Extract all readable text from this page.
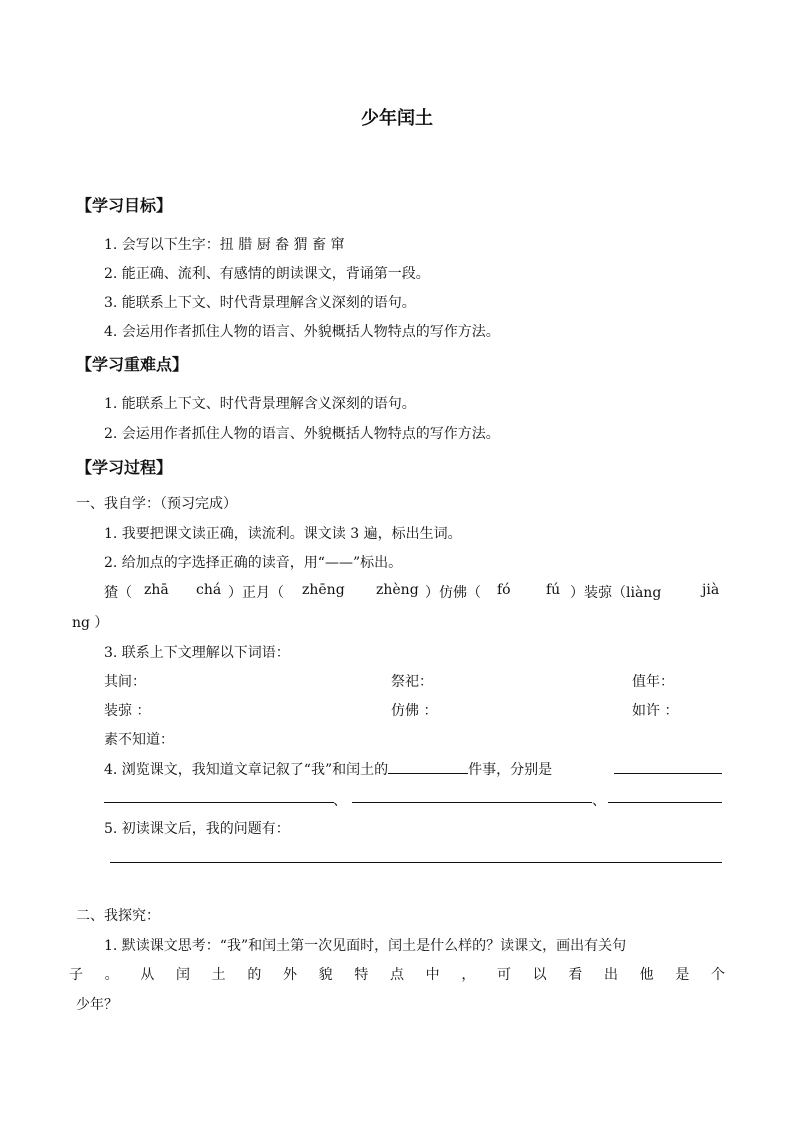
少年闰土
【学习目标】
1. 会写以下生字：扭 腊 厨 畚 猬 畜 窜
2. 能正确、流利、有感情的朗读课文，背诵第一段。
3. 能联系上下文、时代背景理解含义深刻的语句。
4. 会运用作者抓住人物的语言、外貌概括人物特点的写作方法。
【学习重难点】
1. 能联系上下文、时代背景理解含义深刻的语句。
2. 会运用作者抓住人物的语言、外貌概括人物特点的写作方法。
【学习过程】
一、我自学：（预习完成）
1. 我要把课文读正确，读流利。课文读 3 遍，标出生词。
2. 给加点的字选择正确的读音，用“——”标出。
猹（ zhā chá ）正月（ zhēng zhèng ）仿佛（ fó	fú ）装弶（liàng	jià
ng ）
3. 联系上下文理解以下词语：
其间：	祭祀：	值年：
装弶 ：	仿佛 ：	如许 ：
素不知道：
4. 浏览课文，我知道文章记叙了“我”和闰土的	件事，分别是
、	、
5. 初读课文后，我的问题有：
二、我探究：
1. 默读课文思考：“我”和闰土第一次见面时，闰土是什么样的？读课文，画出有关句
子 。 从 闰 土 的 外 貌 特 点 中 ， 可 以 看 出 他 是 个
少年？
